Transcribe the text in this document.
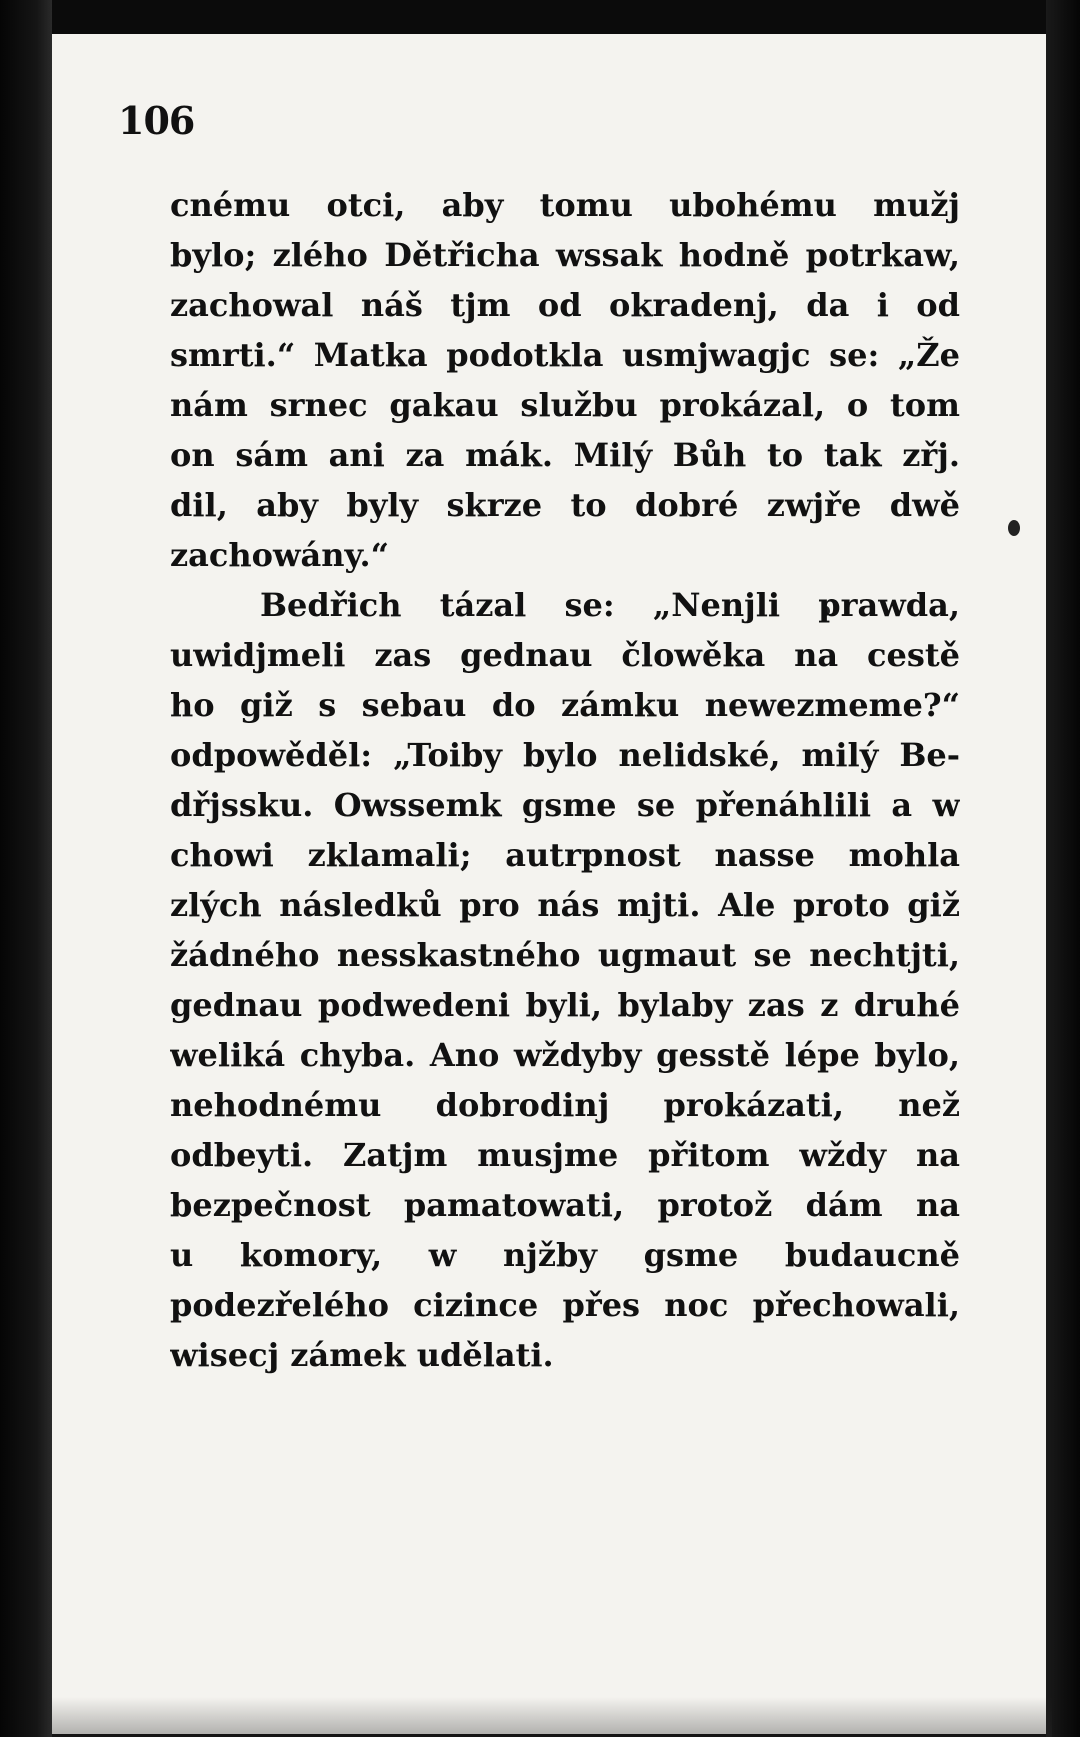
106
cnému otci, aby tomu ubohému mužj
bylo; zlého Dětřicha wssak hodně potrkaw,
zachowal náš tjm od okradenj, da i od
smrti.“ Matka podotkla usmjwagjc se: „Že
nám srnec gakau službu prokázal, o tom
on sám ani za mák. Milý Bůh to tak zřj.
dil, aby byly skrze to dobré zwjře dwě
zachowány.“
Bedřich tázal se: „Nenjli prawda,
uwidjmeli zas gednau člowěka na cestě
ho giž s sebau do zámku newezmeme?“
odpowěděl: „Toiby bylo nelidské, milý Be-
dřjssku. Owssemk gsme se přenáhlili a w
chowi zklamali; autrpnost nasse mohla
zlých následků pro nás mjti. Ale proto giž
žádného nesskastného ugmaut se nechtjti,
gednau podwedeni byli, bylaby zas z druhé
weliká chyba. Ano wždyby gesstě lépe bylo,
nehodnému dobrodinj prokázati, než
odbeyti. Zatjm musjme přitom wždy na
bezpečnost pamatowati, protož dám na
u komory, w njžby gsme budaucně
podezřelého cizince přes noc přechowali,
wisecj zámek udělati.
